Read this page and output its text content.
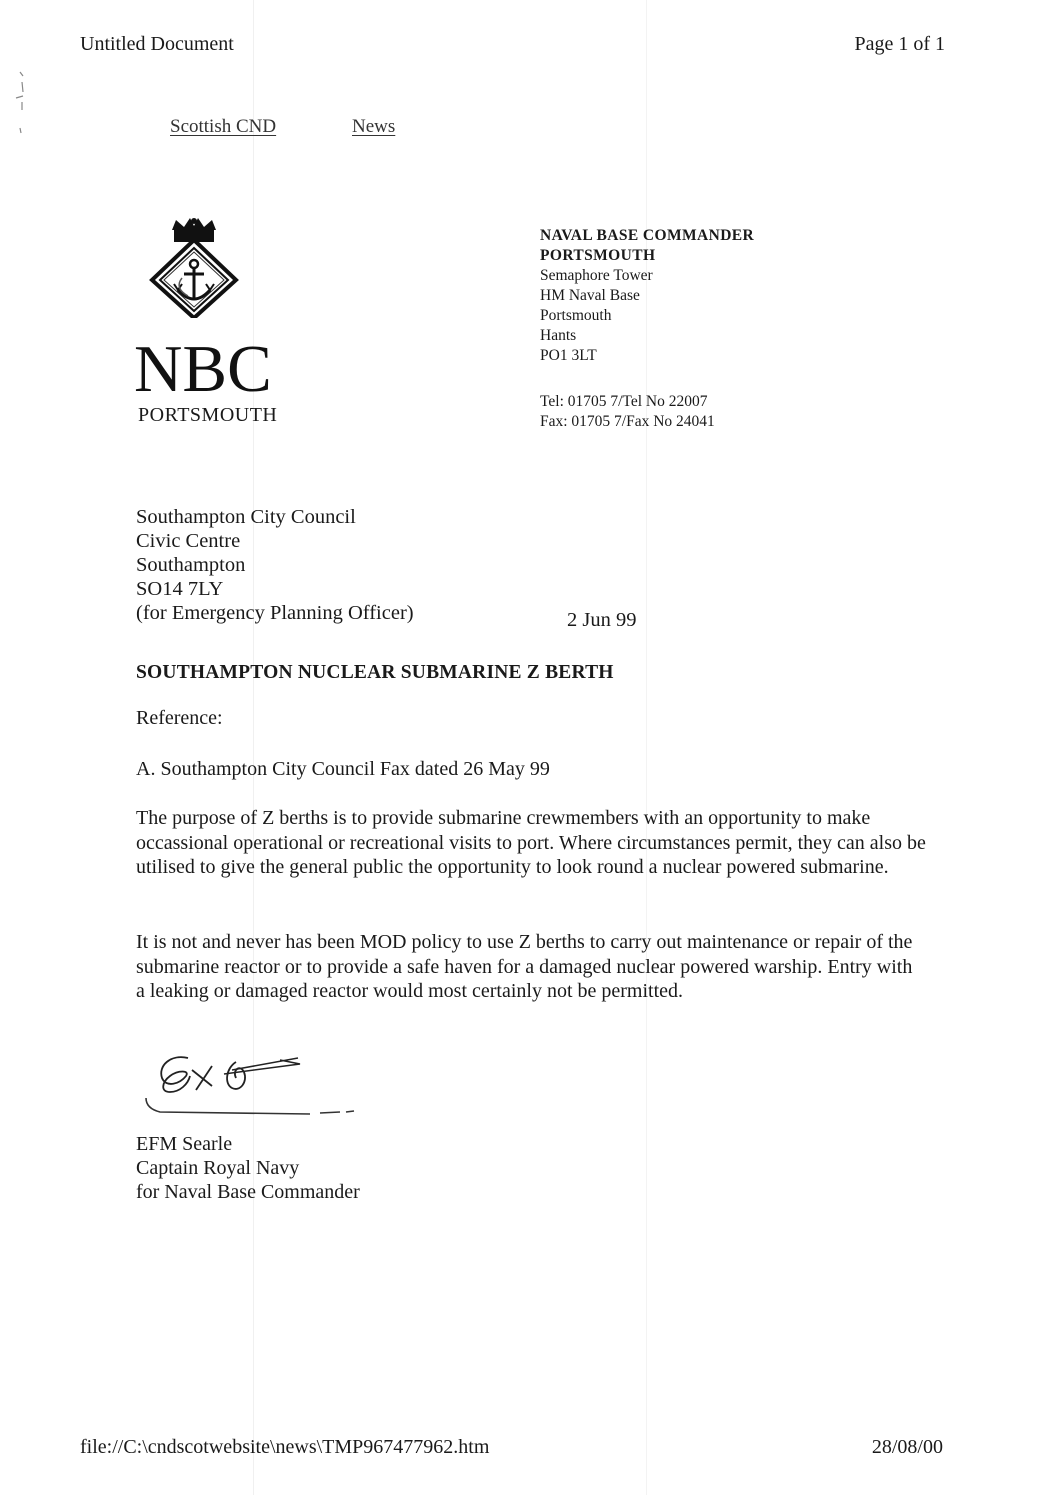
Untitled Document	Page 1 of 1
Scottish CND	News
NBC
PORTSMOUTH
NAVAL BASE COMMANDER
PORTSMOUTH
Semaphore Tower
HM Naval Base
Portsmouth
Hants
PO1 3LT
Tel: 01705 7/Tel No 22007
Fax: 01705 7/Fax No 24041
Southampton City Council
Civic Centre
Southampton
SO14 7LY
(for Emergency Planning Officer)	2 Jun 99
SOUTHAMPTON NUCLEAR SUBMARINE Z BERTH
Reference:
A. Southampton City Council Fax dated 26 May 99
The purpose of Z berths is to provide submarine crewmembers with an opportunity to make occassional operational or recreational visits to port. Where circumstances permit, they can also be utilised to give the general public the opportunity to look round a nuclear powered submarine.
It is not and never has been MOD policy to use Z berths to carry out maintenance or repair of the submarine reactor or to provide a safe haven for a damaged nuclear powered warship. Entry with a leaking or damaged reactor would most certainly not be permitted.
EFM Searle
Captain Royal Navy
for Naval Base Commander
file://C:\cndscotwebsite\news\TMP967477962.htm	28/08/00
